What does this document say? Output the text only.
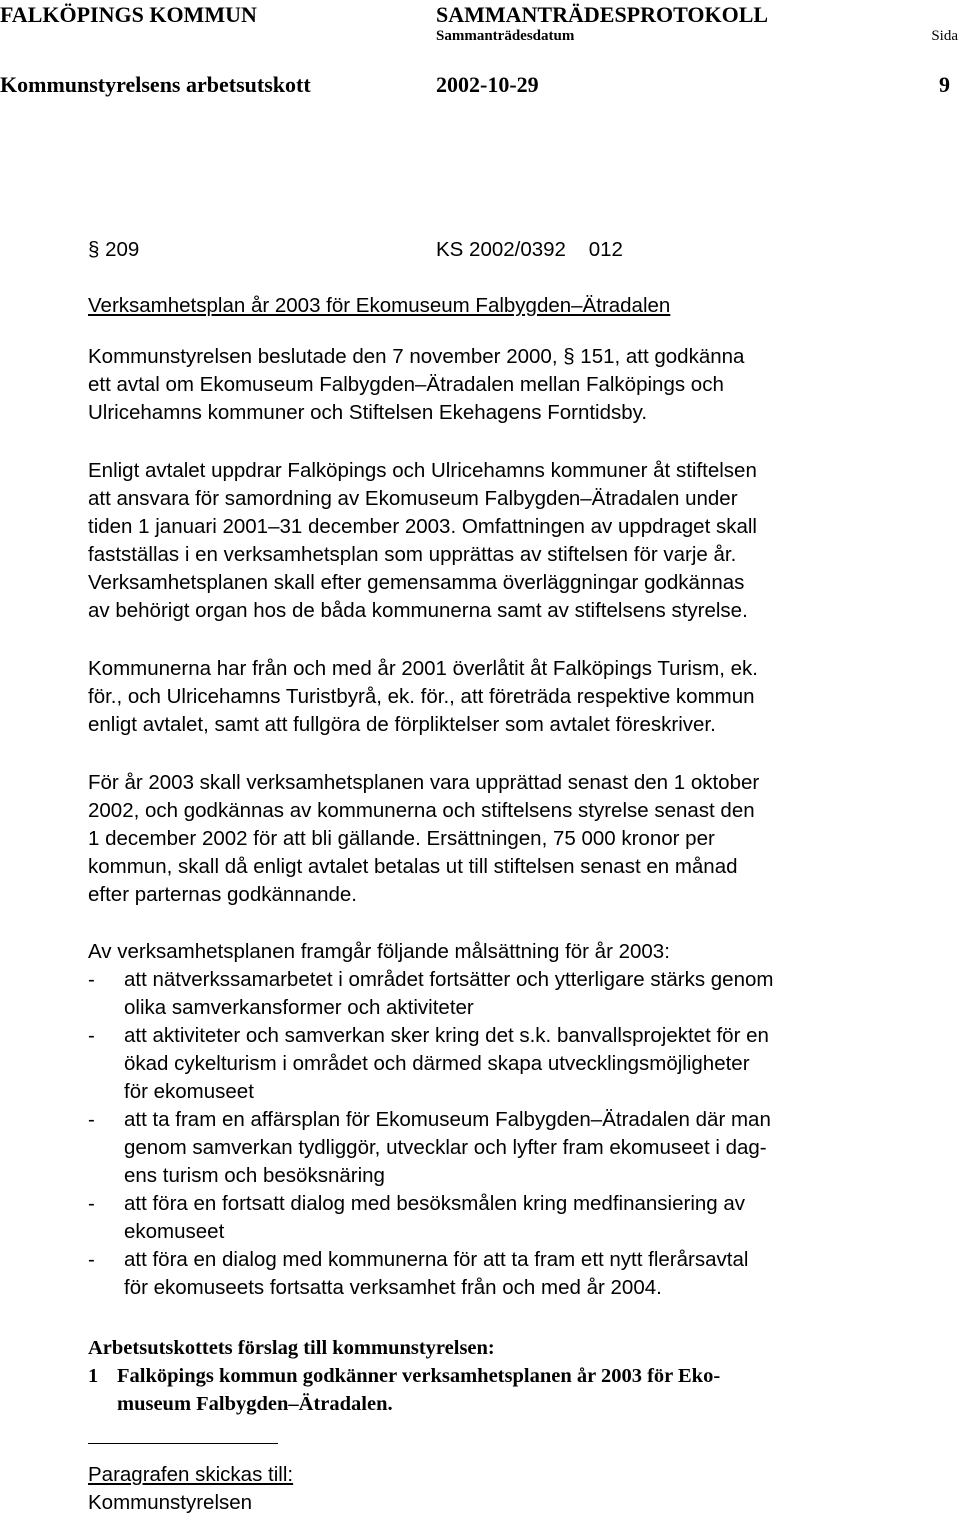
FALKÖPINGS KOMMUN	SAMMANTRÄDESPROTOKOLL
Sammanträdesdatum	Sida
Kommunstyrelsens arbetsutskott	2002-10-29	9
§ 209	KS 2002/0392    012
Verksamhetsplan år 2003 för Ekomuseum Falbygden–Ätradalen
Kommunstyrelsen beslutade den 7 november 2000, § 151, att godkänna
ett avtal om Ekomuseum Falbygden–Ätradalen mellan Falköpings och
Ulricehamns kommuner och Stiftelsen Ekehagens Forntidsby.
Enligt avtalet uppdrar Falköpings och Ulricehamns kommuner åt stiftelsen
att ansvara för samordning av Ekomuseum Falbygden–Ätradalen under
tiden 1 januari 2001–31 december 2003. Omfattningen av uppdraget skall
fastställas i en verksamhetsplan som upprättas av stiftelsen för varje år.
Verksamhetsplanen skall efter gemensamma överläggningar godkännas
av behörigt organ hos de båda kommunerna samt av stiftelsens styrelse.
Kommunerna har från och med år 2001 överlåtit åt Falköpings Turism, ek.
för., och Ulricehamns Turistbyrå, ek. för., att företräda respektive kommun
enligt avtalet, samt att fullgöra de förpliktelser som avtalet föreskriver.
För år 2003 skall verksamhetsplanen vara upprättad senast den 1 oktober
2002, och godkännas av kommunerna och stiftelsens styrelse senast den
1 december 2002 för att bli gällande. Ersättningen, 75 000 kronor per
kommun, skall då enligt avtalet betalas ut till stiftelsen senast en månad
efter parternas godkännande.
Av verksamhetsplanen framgår följande målsättning för år 2003:
- att nätverkssamarbetet i området fortsätter och ytterligare stärks genom
olika samverkansformer och aktiviteter
- att aktiviteter och samverkan sker kring det s.k. banvallsprojektet för en
ökad cykelturism i området och därmed skapa utvecklingsmöjligheter
för ekomuseet
- att ta fram en affärsplan för Ekomuseum Falbygden–Ätradalen där man
genom samverkan tydliggör, utvecklar och lyfter fram ekomuseet i dag-
ens turism och besöksnäring
- att föra en fortsatt dialog med besöksmålen kring medfinansiering av
ekomuseet
- att föra en dialog med kommunerna för att ta fram ett nytt flerårsavtal
för ekomuseets fortsatta verksamhet från och med år 2004.
Arbetsutskottets förslag till kommunstyrelsen:
1 Falköpings kommun godkänner verksamhetsplanen år 2003 för Eko-
museum Falbygden–Ätradalen.
Paragrafen skickas till:
Kommunstyrelsen
